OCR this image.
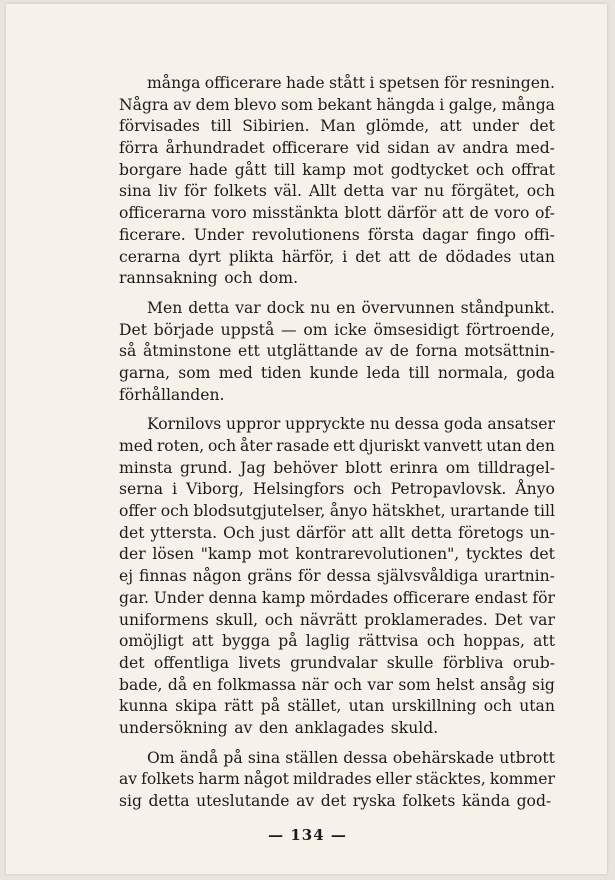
många officerare hade stått i spetsen för resningen.
Några av dem blevo som bekant hängda i galge, många
förvisades till Sibirien. Man glömde, att under det
förra århundradet officerare vid sidan av andra med-
borgare hade gått till kamp mot godtycket och offrat
sina liv för folkets väl. Allt detta var nu förgätet, och
officerarna voro misstänkta blott därför att de voro of-
ficerare. Under revolutionens första dagar fingo offi-
cerarna dyrt plikta härför, i det att de dödades utan
rannsakning och dom.
Men detta var dock nu en övervunnen ståndpunkt.
Det började uppstå — om icke ömsesidigt förtroende,
så åtminstone ett utglättande av de forna motsättnin-
garna, som med tiden kunde leda till normala, goda
förhållanden.
Kornilovs uppror uppryckte nu dessa goda ansatser
med roten, och åter rasade ett djuriskt vanvett utan den
minsta grund. Jag behöver blott erinra om tilldragel-
serna i Viborg, Helsingfors och Petropavlovsk. Ånyo
offer och blodsutgjutelser, ånyo hätskhet, urartande till
det yttersta. Och just därför att allt detta företogs un-
der lösen "kamp mot kontrarevolutionen", tycktes det
ej finnas någon gräns för dessa självsvåldiga urartnin-
gar. Under denna kamp mördades officerare endast för
uniformens skull, och nävrätt proklamerades. Det var
omöjligt att bygga på laglig rättvisa och hoppas, att
det offentliga livets grundvalar skulle förbliva orub-
bade, då en folkmassa när och var som helst ansåg sig
kunna skipa rätt på stället, utan urskillning och utan
undersökning av den anklagades skuld.
Om ändå på sina ställen dessa obehärskade utbrott
av folkets harm något mildrades eller stäcktes, kommer
sig detta uteslutande av det ryska folkets kända god-
— 134 —
